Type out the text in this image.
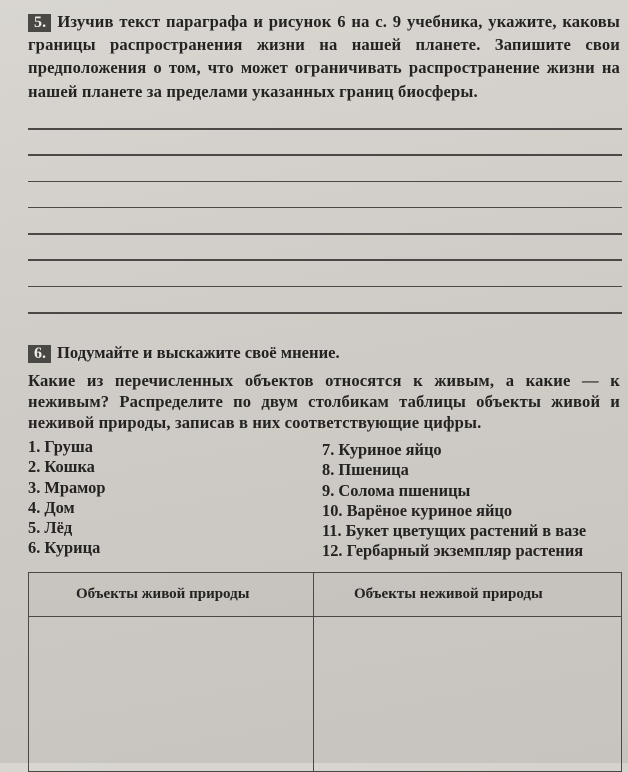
5. Изучив текст параграфа и рисунок 6 на с. 9 учебника, укажите, каковы границы распространения жизни на нашей планете. Запишите свои предположения о том, что может ограничивать распространение жизни на нашей планете за пределами указанных границ биосферы.
6. Подумайте и выскажите своё мнение.
Какие из перечисленных объектов относятся к живым, а какие — к неживым? Распределите по двум столбикам таблицы объекты живой и неживой природы, записав в них соответствующие цифры.
1. Груша
2. Кошка
3. Мрамор
4. Дом
5. Лёд
6. Курица
7. Куриное яйцо
8. Пшеница
9. Солома пшеницы
10. Варёное куриное яйцо
11. Букет цветущих растений в вазе
12. Гербарный экземпляр растения
Объекты живой природы	Объекты неживой природы
